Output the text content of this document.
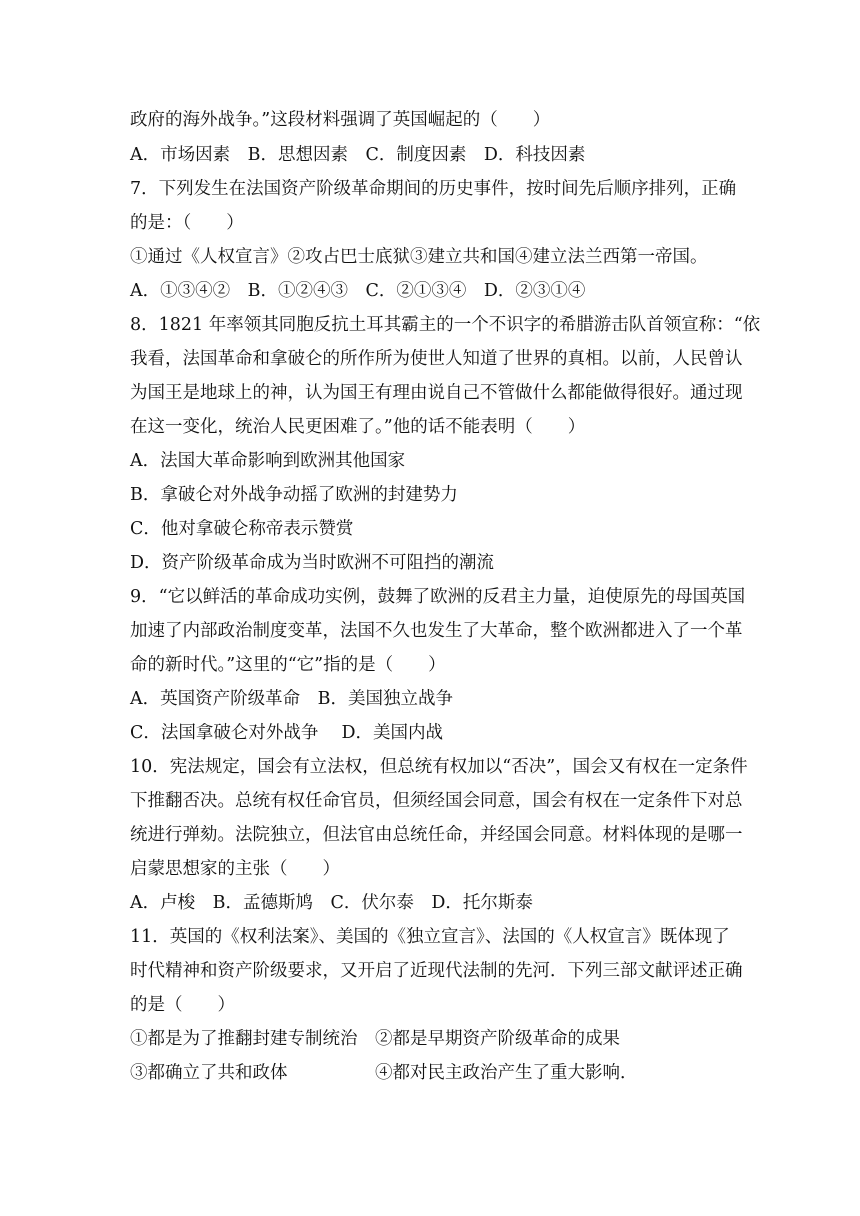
政府的海外战争。”这段材料强调了英国崛起的（　　）
A．市场因素　B．思想因素　C．制度因素　D．科技因素
7．下列发生在法国资产阶级革命期间的历史事件，按时间先后顺序排列，正确
的是：（　　）
①通过《人权宣言》②攻占巴士底狱③建立共和国④建立法兰西第一帝国。
A．①③④②　B．①②④③　C．②①③④　D．②③①④
8．1821 年率领其同胞反抗土耳其霸主的一个不识字的希腊游击队首领宣称：“依
我看，法国革命和拿破仑的所作所为使世人知道了世界的真相。以前，人民曾认
为国王是地球上的神，认为国王有理由说自己不管做什么都能做得很好。通过现
在这一变化，统治人民更困难了。”他的话不能表明（　　）
A．法国大革命影响到欧洲其他国家
B．拿破仑对外战争动摇了欧洲的封建势力
C．他对拿破仑称帝表示赞赏
D．资产阶级革命成为当时欧洲不可阻挡的潮流
9．“它以鲜活的革命成功实例，鼓舞了欧洲的反君主力量，迫使原先的母国英国
加速了内部政治制度变革，法国不久也发生了大革命，整个欧洲都进入了一个革
命的新时代。”这里的“它”指的是（　　）
A．英国资产阶级革命　B．美国独立战争
C．法国拿破仑对外战争　 D．美国内战
10．宪法规定，国会有立法权，但总统有权加以“否决”，国会又有权在一定条件
下推翻否决。总统有权任命官员，但须经国会同意，国会有权在一定条件下对总
统进行弹劾。法院独立，但法官由总统任命，并经国会同意。材料体现的是哪一
启蒙思想家的主张（　　）
A．卢梭　B．孟德斯鸠　C．伏尔泰　D．托尔斯泰
11．英国的《权利法案》、美国的《独立宣言》、法国的《人权宣言》既体现了
时代精神和资产阶级要求，又开启了近现代法制的先河．下列三部文献评述正确
的是（　　）
①都是为了推翻封建专制统治　②都是早期资产阶级革命的成果
③都确立了共和政体　　　　　④都对民主政治产生了重大影响．
